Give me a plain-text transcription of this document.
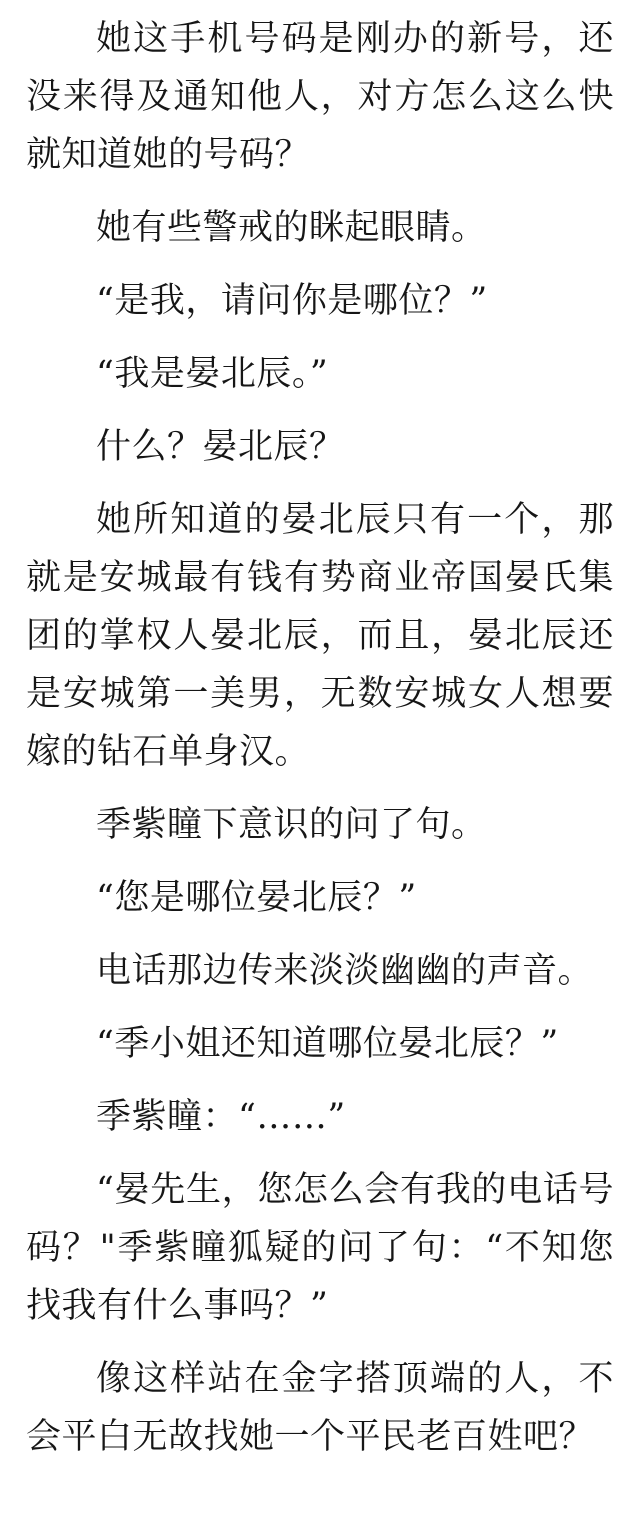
她这手机号码是刚办的新号，还没来得及通知他人，对方怎么这么快就知道她的号码？

她有些警戒的眯起眼睛。

“是我，请问你是哪位？”

“我是晏北辰。”

什么？晏北辰？

她所知道的晏北辰只有一个，那就是安城最有钱有势商业帝国晏氏集团的掌权人晏北辰，而且，晏北辰还是安城第一美男，无数安城女人想要嫁的钻石单身汉。

季紫瞳下意识的问了句。

“您是哪位晏北辰？”

电话那边传来淡淡幽幽的声音。

“季小姐还知道哪位晏北辰？”

季紫瞳：“……”

“晏先生，您怎么会有我的电话号码？"季紫瞳狐疑的问了句：“不知您找我有什么事吗？”

像这样站在金字搭顶端的人，不会平白无故找她一个平民老百姓吧？
